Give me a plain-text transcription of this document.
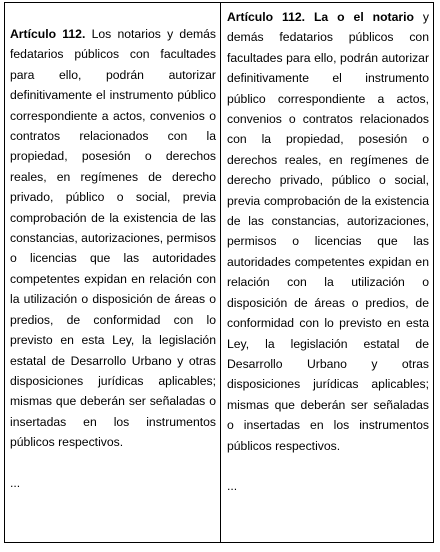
Artículo 112. Los notarios y demás fedatarios públicos con facultades para ello, podrán autorizar definitivamente el instrumento público correspondiente a actos, convenios o contratos relacionados con la propiedad, posesión o derechos reales, en regímenes de derecho privado, público o social, previa comprobación de la existencia de las constancias, autorizaciones, permisos o licencias que las autoridades competentes expidan en relación con la utilización o disposición de áreas o predios, de conformidad con lo previsto en esta Ley, la legislación estatal de Desarrollo Urbano y otras disposiciones jurídicas aplicables; mismas que deberán ser señaladas o insertadas en los instrumentos públicos respectivos.
...
Artículo 112. La o el notario y demás fedatarios públicos con facultades para ello, podrán autorizar definitivamente el instrumento público correspondiente a actos, convenios o contratos relacionados con la propiedad, posesión o derechos reales, en regímenes de derecho privado, público o social, previa comprobación de la existencia de las constancias, autorizaciones, permisos o licencias que las autoridades competentes expidan en relación con la utilización o disposición de áreas o predios, de conformidad con lo previsto en esta Ley, la legislación estatal de Desarrollo Urbano y otras disposiciones jurídicas aplicables; mismas que deberán ser señaladas o insertadas en los instrumentos públicos respectivos.
...
